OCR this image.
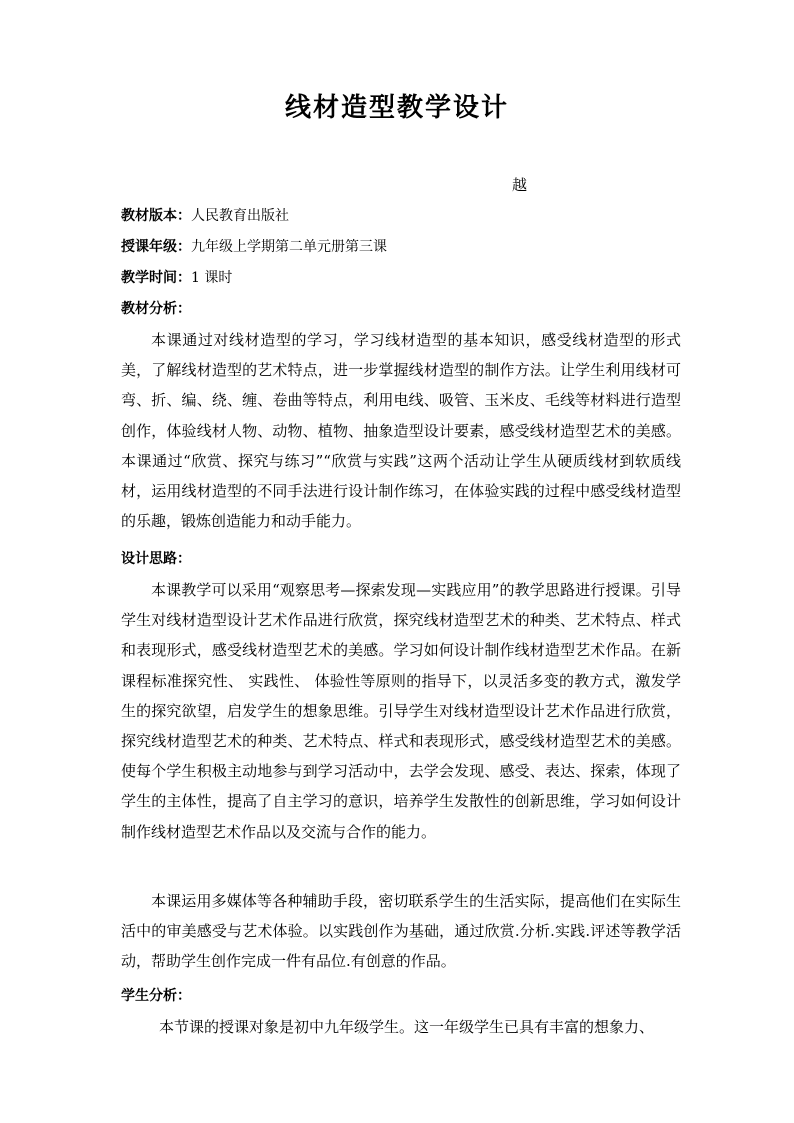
线材造型教学设计
越
教材版本：人民教育出版社
授课年级：九年级上学期第二单元册第三课
教学时间：1 课时
教材分析：

本课通过对线材造型的学习，学习线材造型的基本知识，感受线材造型的形式美，了解线材造型的艺术特点，进一步掌握线材造型的制作方法。让学生利用线材可弯、折、编、绕、缠、卷曲等特点，利用电线、吸管、玉米皮、毛线等材料进行造型创作，体验线材人物、动物、植物、抽象造型设计要素，感受线材造型艺术的美感。本课通过“欣赏、探究与练习”“欣赏与实践”这两个活动让学生从硬质线材到软质线材，运用线材造型的不同手法进行设计制作练习，在体验实践的过程中感受线材造型的乐趣，锻炼创造能力和动手能力。

设计思路：

本课教学可以采用“观察思考—探索发现—实践应用”的教学思路进行授课。引导学生对线材造型设计艺术作品进行欣赏，探究线材造型艺术的种类、艺术特点、样式和表现形式，感受线材造型艺术的美感。学习如何设计制作线材造型艺术作品。在新课程标准探究性、 实践性、 体验性等原则的指导下，以灵活多变的教方式，激发学生的探究欲望，启发学生的想象思维。引导学生对线材造型设计艺术作品进行欣赏，探究线材造型艺术的种类、艺术特点、样式和表现形式，感受线材造型艺术的美感。使每个学生积极主动地参与到学习活动中，去学会发现、感受、表达、探索，体现了学生的主体性，提高了自主学习的意识，培养学生发散性的创新思维，学习如何设计制作线材造型艺术作品以及交流与合作的能力。

本课运用多媒体等各种辅助手段，密切联系学生的生活实际，提高他们在实际生活中的审美感受与艺术体验。以实践创作为基础，通过欣赏.分析.实践.评述等教学活动，帮助学生创作完成一件有品位.有创意的作品。

学生分析：

本节课的授课对象是初中九年级学生。这一年级学生已具有丰富的想象力、
